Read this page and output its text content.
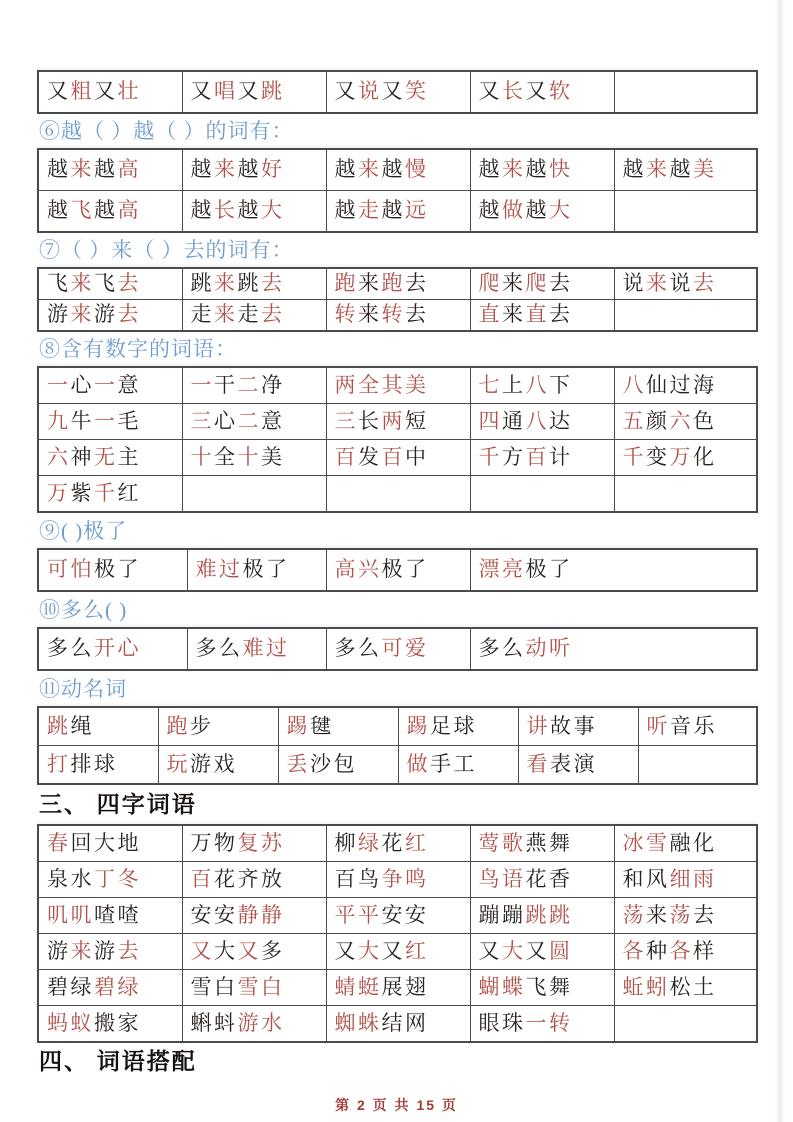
又粗又壮	又唱又跳	又说又笑	又长又软	
⑥越（ ）越（ ）的词有：
越来越高	越来越好	越来越慢	越来越快	越来越美
越飞越高	越长越大	越走越远	越做越大	
⑦（ ）来（ ）去的词有：
飞来飞去	跳来跳去	跑来跑去	爬来爬去	说来说去
游来游去	走来走去	转来转去	直来直去	
⑧含有数字的词语：
一心一意	一干二净	两全其美	七上八下	八仙过海
九牛一毛	三心二意	三长两短	四通八达	五颜六色
六神无主	十全十美	百发百中	千方百计	千变万化
万紫千红				
⑨( )极了
可怕极了	难过极了	高兴极了	漂亮极了
⑩多么( )
多么开心	多么难过	多么可爱	多么动听
⑪动名词
跳绳	跑步	踢毽	踢足球	讲故事	听音乐
打排球	玩游戏	丢沙包	做手工	看表演	
三、 四字词语
春回大地	万物复苏	柳绿花红	莺歌燕舞	冰雪融化
泉水丁冬	百花齐放	百鸟争鸣	鸟语花香	和风细雨
叽叽喳喳	安安静静	平平安安	蹦蹦跳跳	荡来荡去
游来游去	又大又多	又大又红	又大又圆	各种各样
碧绿碧绿	雪白雪白	蜻蜓展翅	蝴蝶飞舞	蚯蚓松土
蚂蚁搬家	蝌蚪游水	蜘蛛结网	眼珠一转	
四、 词语搭配
第 2 页 共 15 页
